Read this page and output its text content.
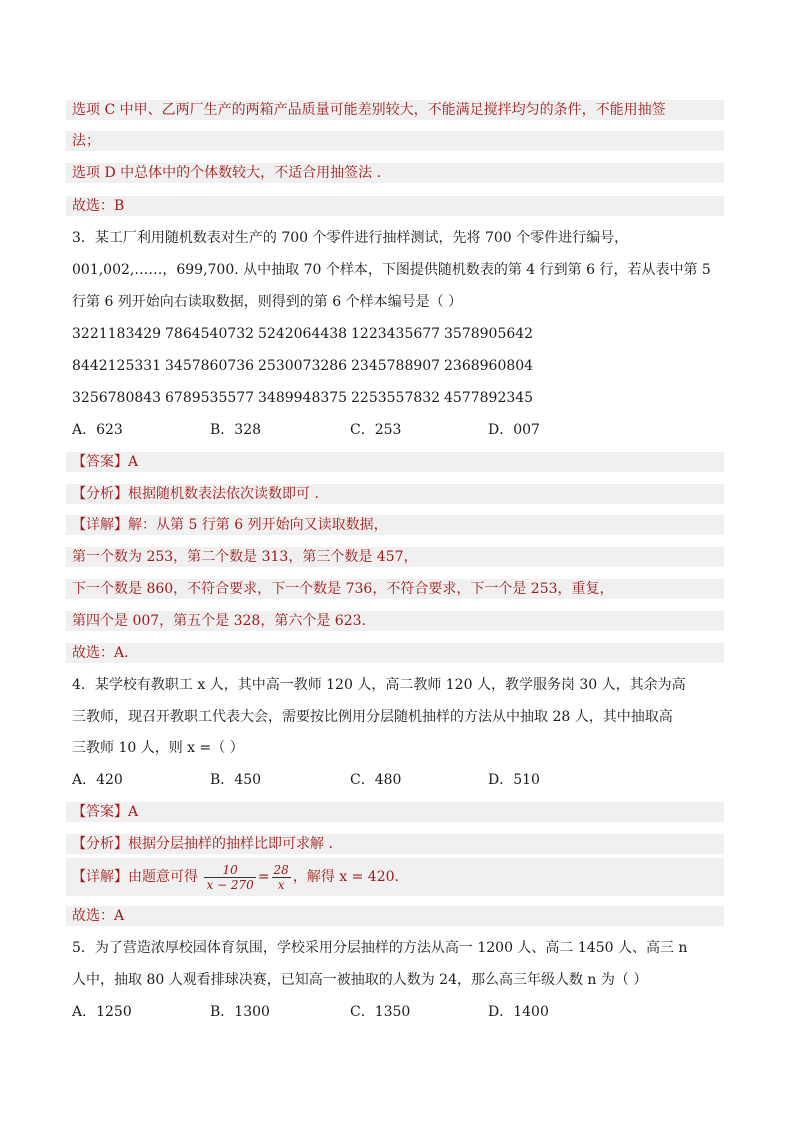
选项 C 中甲、乙两厂生产的两箱产品质量可能差别较大，不能满足搅拌均匀的条件，不能用抽签
法；
选项 D 中总体中的个体数较大，不适合用抽签法 .
故选：B
3．某工厂利用随机数表对生产的 700 个零件进行抽样测试，先将 700 个零件进行编号，
001,002,……，699,700. 从中抽取 70 个样本，下图提供随机数表的第 4 行到第 6 行，若从表中第 5
行第 6 列开始向右读取数据，则得到的第 6 个样本编号是（ ）
3221183429 7864540732 5242064438 1223435677 3578905642
8442125331 3457860736 2530073286 2345788907 2368960804
3256780843 6789535577 3489948375 2253557832 4577892345
A．623	B．328	C．253	D．007
【答案】A
【分析】根据随机数表法依次读数即可 .
【详解】解：从第 5 行第 6 列开始向又读取数据，
第一个数为 253，第二个数是 313，第三个数是 457，
下一个数是 860，不符合要求，下一个数是 736，不符合要求，下一个是 253，重复，
第四个是 007，第五个是 328，第六个是 623.
故选：A.
4．某学校有教职工 x 人，其中高一教师 120 人，高二教师 120 人，教学服务岗 30 人，其余为高
三教师，现召开教职工代表大会，需要按比例用分层随机抽样的方法从中抽取 28 人，其中抽取高
三教师 10 人，则 x =（ ）
A．420	B．450	C．480	D．510
【答案】A
【分析】根据分层抽样的抽样比即可求解 .
【详解】由题意可得 $\frac{10}{x - 270} = \frac{28}{x}$ ，解得 x = 420.
故选：A
5．为了营造浓厚校园体育氛围，学校采用分层抽样的方法从高一 1200 人、高二 1450 人、高三 n
人中，抽取 80 人观看排球决赛，已知高一被抽取的人数为 24，那么高三年级人数 n 为（ ）
A．1250	B．1300	C．1350	D．1400
